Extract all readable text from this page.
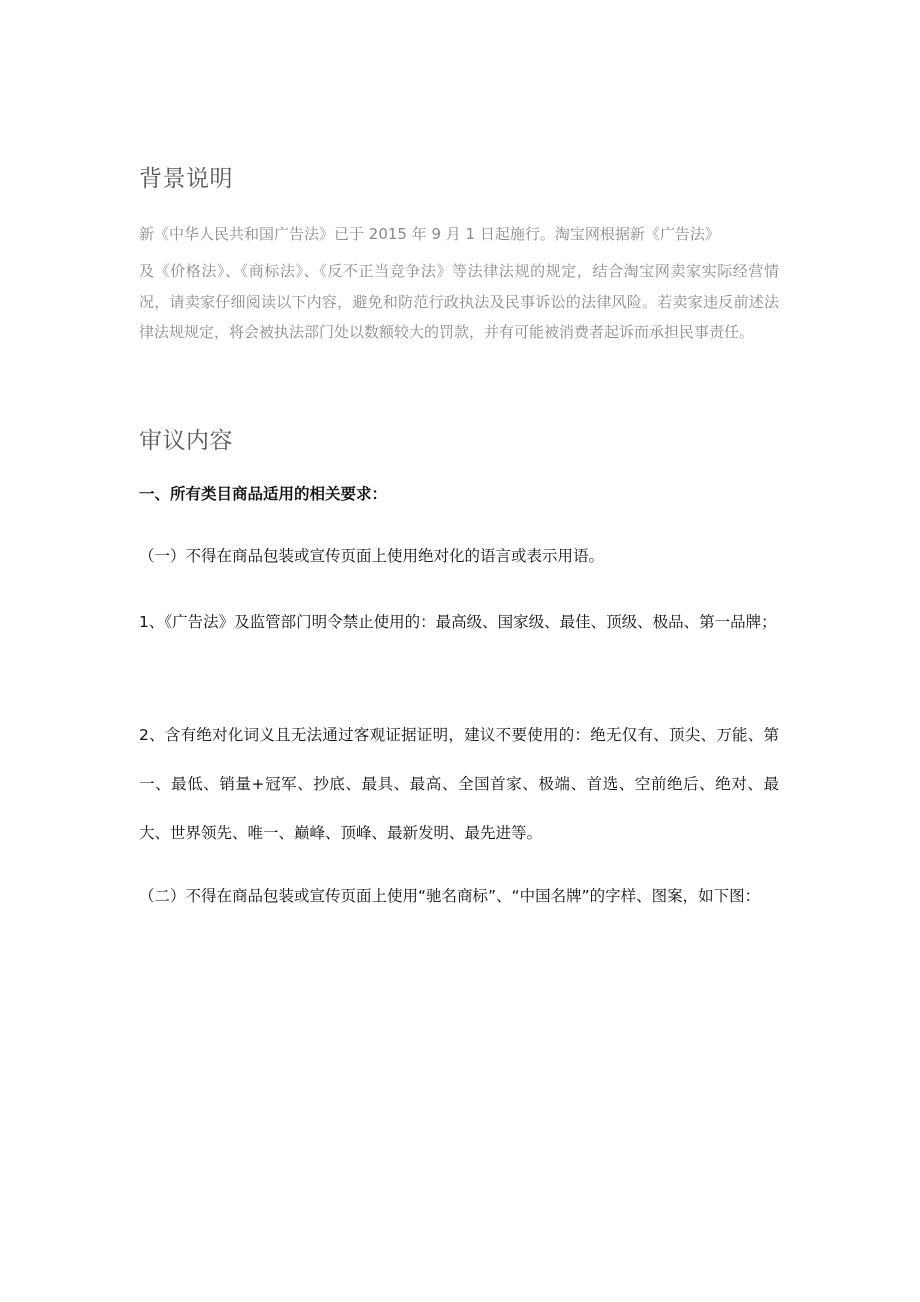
背景说明

新《中华人民共和国广告法》已于 2015 年 9 月 1 日起施行。淘宝网根据新《广告法》

及《价格法》、《商标法》、《反不正当竞争法》等法律法规的规定，结合淘宝网卖家实际经营情况，请卖家仔细阅读以下内容，避免和防范行政执法及民事诉讼的法律风险。若卖家违反前述法律法规规定，将会被执法部门处以数额较大的罚款，并有可能被消费者起诉而承担民事责任。

审议内容

一、所有类目商品适用的相关要求：

（一）不得在商品包装或宣传页面上使用绝对化的语言或表示用语。

1、《广告法》及监管部门明令禁止使用的：最高级、国家级、最佳、顶级、极品、第一品牌；

2、含有绝对化词义且无法通过客观证据证明，建议不要使用的：绝无仅有、顶尖、万能、第一、最低、销量+冠军、抄底、最具、最高、全国首家、极端、首选、空前绝后、绝对、最大、世界领先、唯一、巅峰、顶峰、最新发明、最先进等。

（二）不得在商品包装或宣传页面上使用“驰名商标”、“中国名牌”的字样、图案，如下图：
